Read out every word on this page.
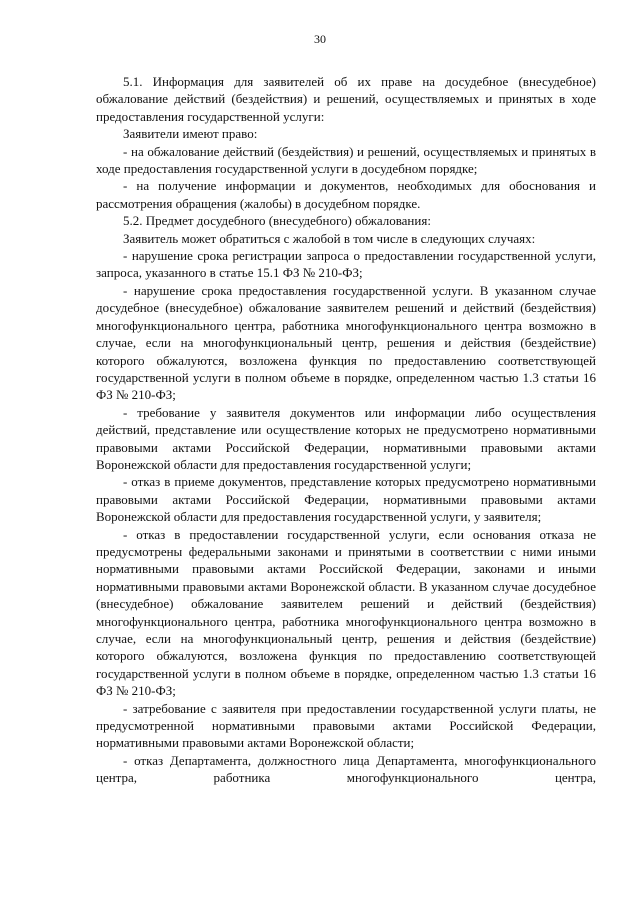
30

5.1. Информация для заявителей об их праве на досудебное (внесудебное) обжалование действий (бездействия) и решений, осуществляемых и принятых в ходе предоставления государственной услуги:

Заявители имеют право:

- на обжалование действий (бездействия) и решений, осуществляемых и принятых в ходе предоставления государственной услуги в досудебном порядке;

- на получение информации и документов, необходимых для обоснования и рассмотрения обращения (жалобы) в досудебном порядке.

5.2. Предмет досудебного (внесудебного) обжалования:

Заявитель может обратиться с жалобой в том числе в следующих случаях:

- нарушение срока регистрации запроса о предоставлении государственной услуги, запроса, указанного в статье 15.1 ФЗ № 210-ФЗ;

- нарушение срока предоставления государственной услуги. В указанном случае досудебное (внесудебное) обжалование заявителем решений и действий (бездействия) многофункционального центра, работника многофункционального центра возможно в случае, если на многофункциональный центр, решения и действия (бездействие) которого обжалуются, возложена функция по предоставлению соответствующей государственной услуги в полном объеме в порядке, определенном частью 1.3 статьи 16 ФЗ № 210-ФЗ;

- требование у заявителя документов или информации либо осуществления действий, представление или осуществление которых не предусмотрено нормативными правовыми актами Российской Федерации, нормативными правовыми актами Воронежской области для предоставления государственной услуги;

- отказ в приеме документов, представление которых предусмотрено нормативными правовыми актами Российской Федерации, нормативными правовыми актами Воронежской области для предоставления государственной услуги, у заявителя;

- отказ в предоставлении государственной услуги, если основания отказа не предусмотрены федеральными законами и принятыми в соответствии с ними иными нормативными правовыми актами Российской Федерации, законами и иными нормативными правовыми актами Воронежской области. В указанном случае досудебное (внесудебное) обжалование заявителем решений и действий (бездействия) многофункционального центра, работника многофункционального центра возможно в случае, если на многофункциональный центр, решения и действия (бездействие) которого обжалуются, возложена функция по предоставлению соответствующей государственной услуги в полном объеме в порядке, определенном частью 1.3 статьи 16 ФЗ № 210-ФЗ;

- затребование с заявителя при предоставлении государственной услуги платы, не предусмотренной нормативными правовыми актами Российской Федерации, нормативными правовыми актами Воронежской области;

- отказ Департамента, должностного лица Департамента, многофункционального центра, работника многофункционального центра,
